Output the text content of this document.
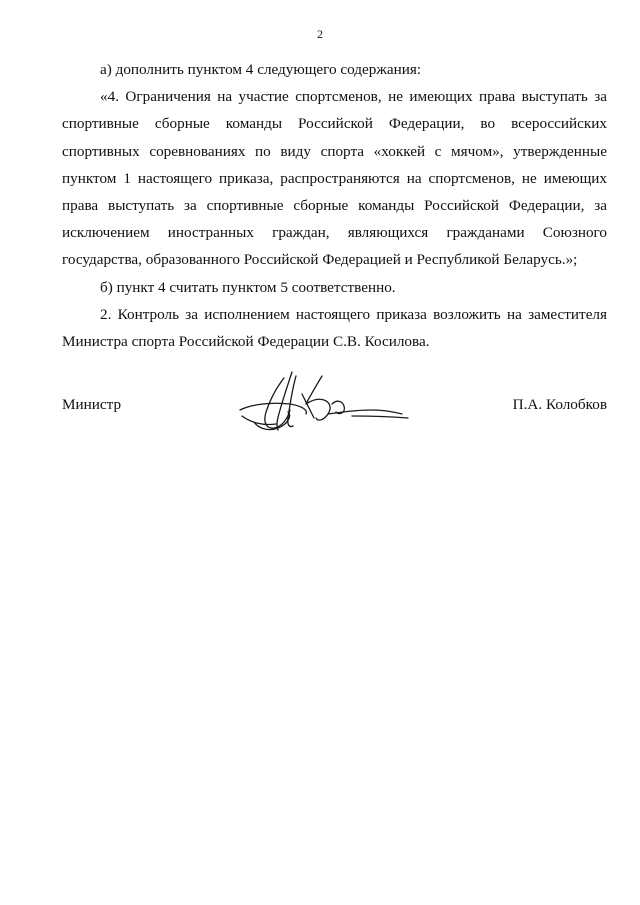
2

а) дополнить пунктом 4 следующего содержания:

«4. Ограничения на участие спортсменов, не имеющих права выступать за спортивные сборные команды Российской Федерации, во всероссийских спортивных соревнованиях по виду спорта «хоккей с мячом», утвержденные пунктом 1 настоящего приказа, распространяются на спортсменов, не имеющих права выступать за спортивные сборные команды Российской Федерации, за исключением иностранных граждан, являющихся гражданами Союзного государства, образованного Российской Федерацией и Республикой Беларусь.»;

б) пункт 4 считать пунктом 5 соответственно.

2. Контроль за исполнением настоящего приказа возложить на заместителя Министра спорта Российской Федерации С.В. Косилова.

Министр	П.А. Колобков
